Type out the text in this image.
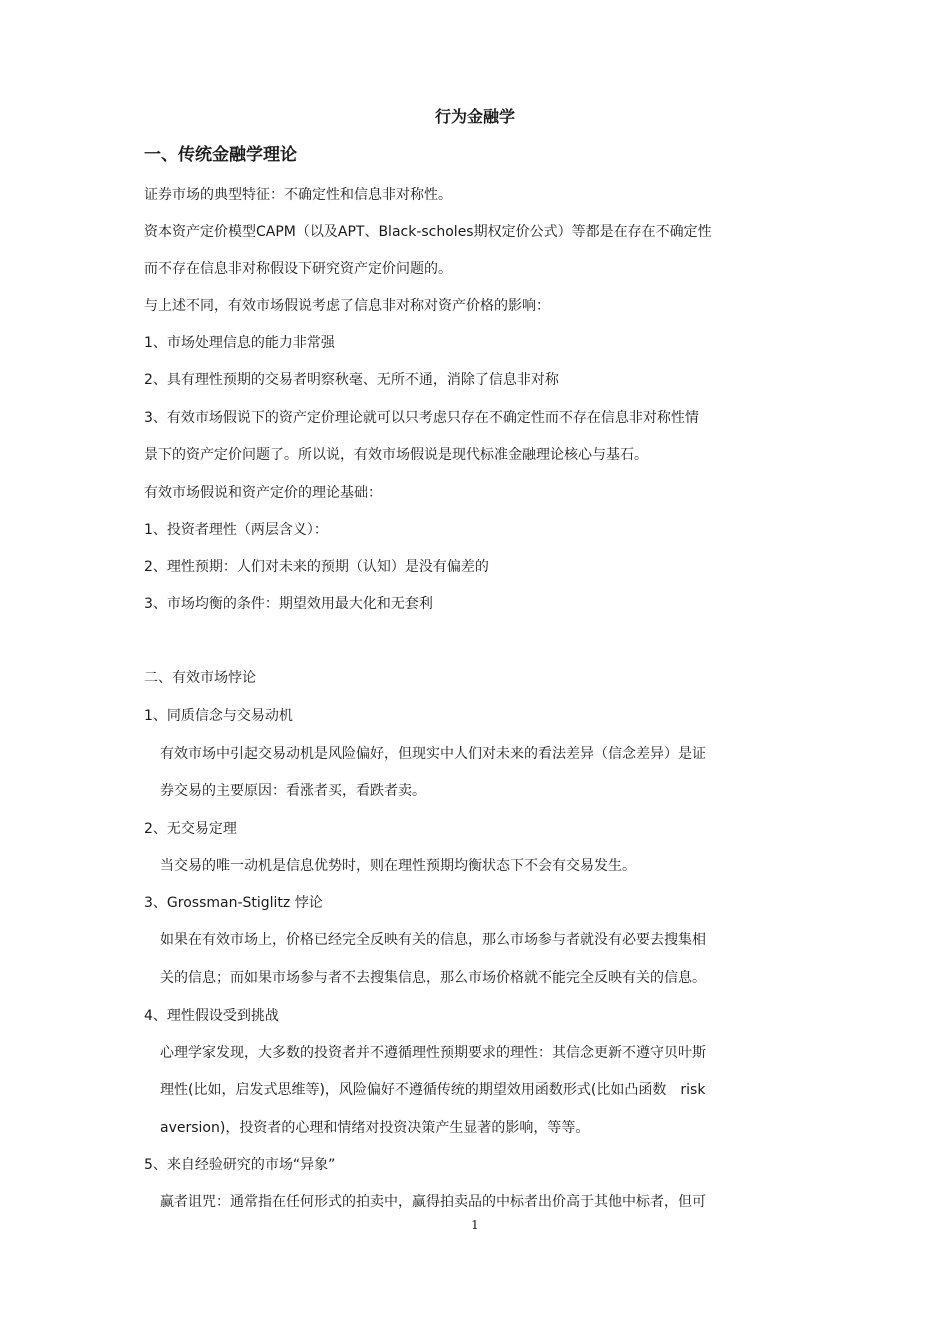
行为金融学
一、传统金融学理论

证券市场的典型特征：不确定性和信息非对称性。

资本资产定价模型CAPM（以及APT、Black-scholes期权定价公式）等都是在存在不确定性

而不存在信息非对称假设下研究资产定价问题的。

与上述不同，有效市场假说考虑了信息非对称对资产价格的影响：

1、市场处理信息的能力非常强

2、具有理性预期的交易者明察秋毫、无所不通，消除了信息非对称

3、有效市场假说下的资产定价理论就可以只考虑只存在不确定性而不存在信息非对称性情

景下的资产定价问题了。所以说，有效市场假说是现代标准金融理论核心与基石。

有效市场假说和资产定价的理论基础：

1、投资者理性（两层含义）：

2、理性预期：人们对未来的预期（认知）是没有偏差的

3、市场均衡的条件：期望效用最大化和无套利

二、有效市场悖论

1、同质信念与交易动机

有效市场中引起交易动机是风险偏好，但现实中人们对未来的看法差异（信念差异）是证

券交易的主要原因：看涨者买，看跌者卖。

2、无交易定理

当交易的唯一动机是信息优势时，则在理性预期均衡状态下不会有交易发生。

3、Grossman-Stiglitz 悖论

如果在有效市场上，价格已经完全反映有关的信息，那么市场参与者就没有必要去搜集相

关的信息；而如果市场参与者不去搜集信息，那么市场价格就不能完全反映有关的信息。

4、理性假设受到挑战

心理学家发现，大多数的投资者并不遵循理性预期要求的理性：其信念更新不遵守贝叶斯

理性(比如，启发式思维等)，风险偏好不遵循传统的期望效用函数形式(比如凸函数　risk

aversion)，投资者的心理和情绪对投资决策产生显著的影响，等等。

5、来自经验研究的市场“异象”

赢者诅咒：通常指在任何形式的拍卖中，赢得拍卖品的中标者出价高于其他中标者，但可

1
